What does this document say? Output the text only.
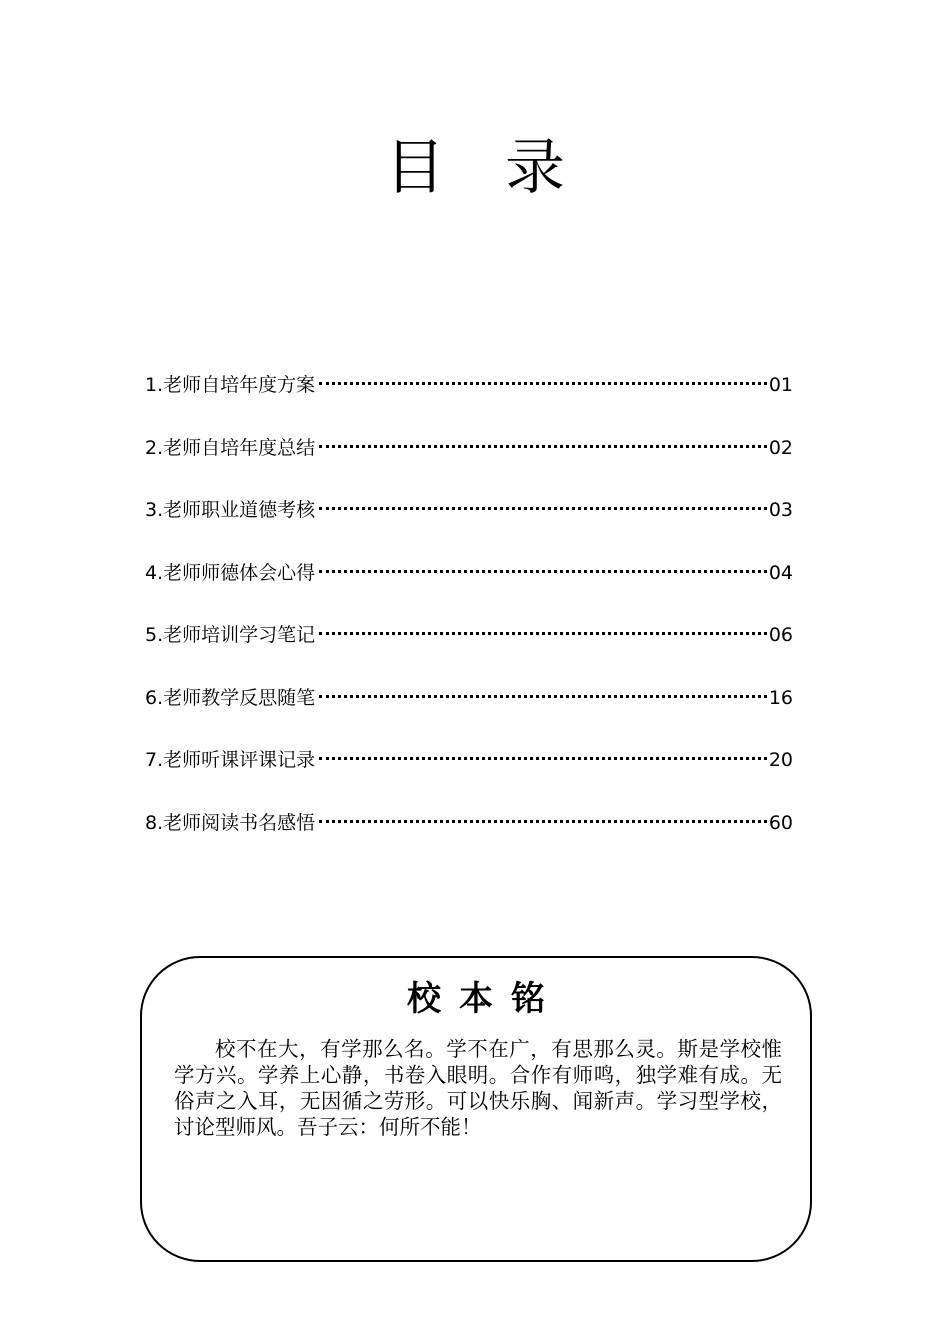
目　录
1.老师自培年度方案	01
2.老师自培年度总结	02
3.老师职业道德考核	03
4.老师师德体会心得	04
5.老师培训学习笔记	06
6.老师教学反思随笔	16
7.老师听课评课记录	20
8.老师阅读书名感悟	60
校本铭

校不在大，有学那么名。学不在广，有思那么灵。斯是学校惟学方兴。学养上心静，书卷入眼明。合作有师鸣，独学难有成。无俗声之入耳，无因循之劳形。可以快乐胸、闻新声。学习型学校，讨论型师风。吾子云：何所不能！
